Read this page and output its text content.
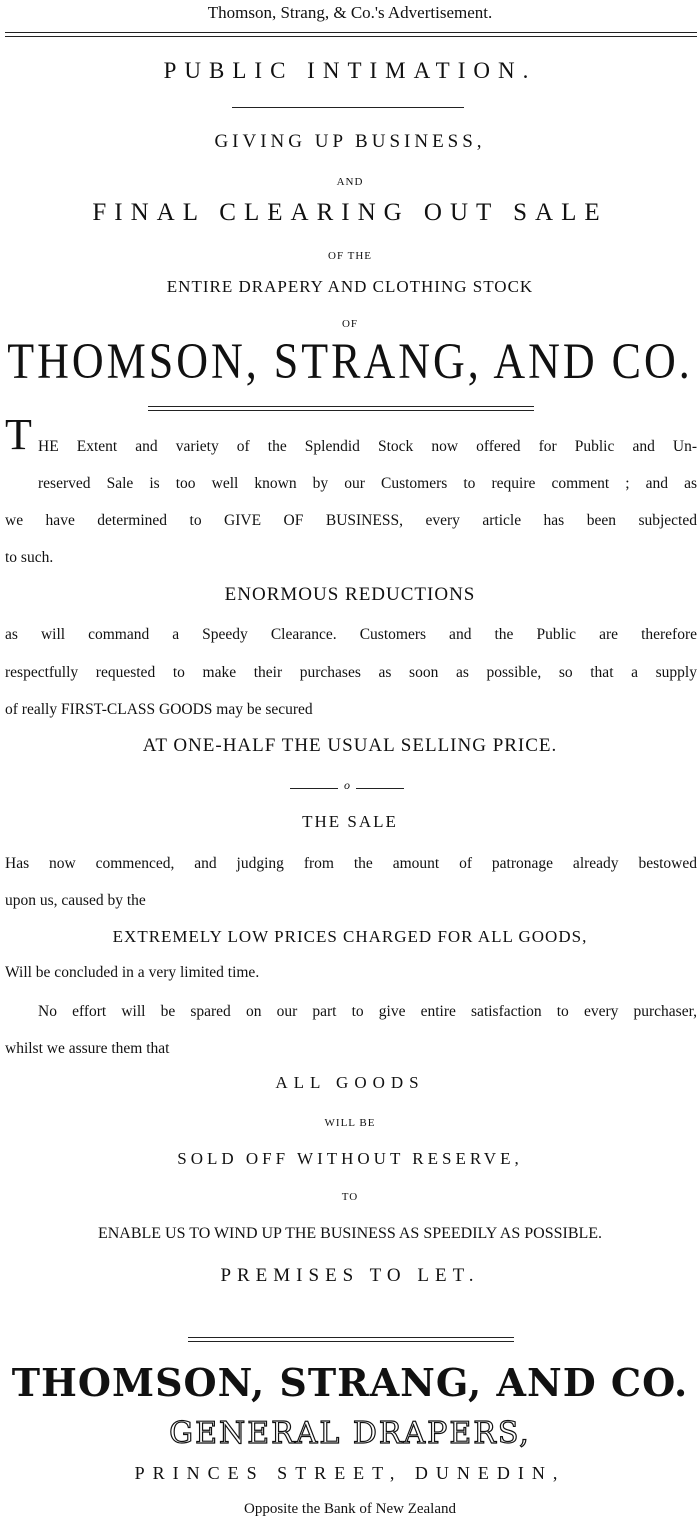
Thomson, Strang, & Co.'s Advertisement.
PUBLIC INTIMATION.
GIVING UP BUSINESS,
AND
FINAL CLEARING OUT SALE
OF THE
ENTIRE DRAPERY AND CLOTHING STOCK
OF
THOMSON, STRANG, AND CO.
T HE Extent and variety of the Splendid Stock now offered for Public and Un-
reserved Sale is too well known by our Customers to require comment ; and as
we have determined to GIVE OF BUSINESS, every article has been subjected
to such.
ENORMOUS REDUCTIONS
as will command a Speedy Clearance. Customers and the Public are therefore
respectfully requested to make their purchases as soon as possible, so that a supply
of really FIRST-CLASS GOODS may be secured
AT ONE-HALF THE USUAL SELLING PRICE.
o
THE SALE
Has now commenced, and judging from the amount of patronage already bestowed
upon us, caused by the
EXTREMELY LOW PRICES CHARGED FOR ALL GOODS,
Will be concluded in a very limited time.
No effort will be spared on our part to give entire satisfaction to every purchaser,
whilst we assure them that
ALL GOODS
WILL BE
SOLD OFF WITHOUT RESERVE,
TO
ENABLE US TO WIND UP THE BUSINESS AS SPEEDILY AS POSSIBLE.
PREMISES TO LET.
THOMSON, STRANG, AND CO.
GENERAL DRAPERS,
PRINCES STREET, DUNEDIN,
Opposite the Bank of New Zealand
